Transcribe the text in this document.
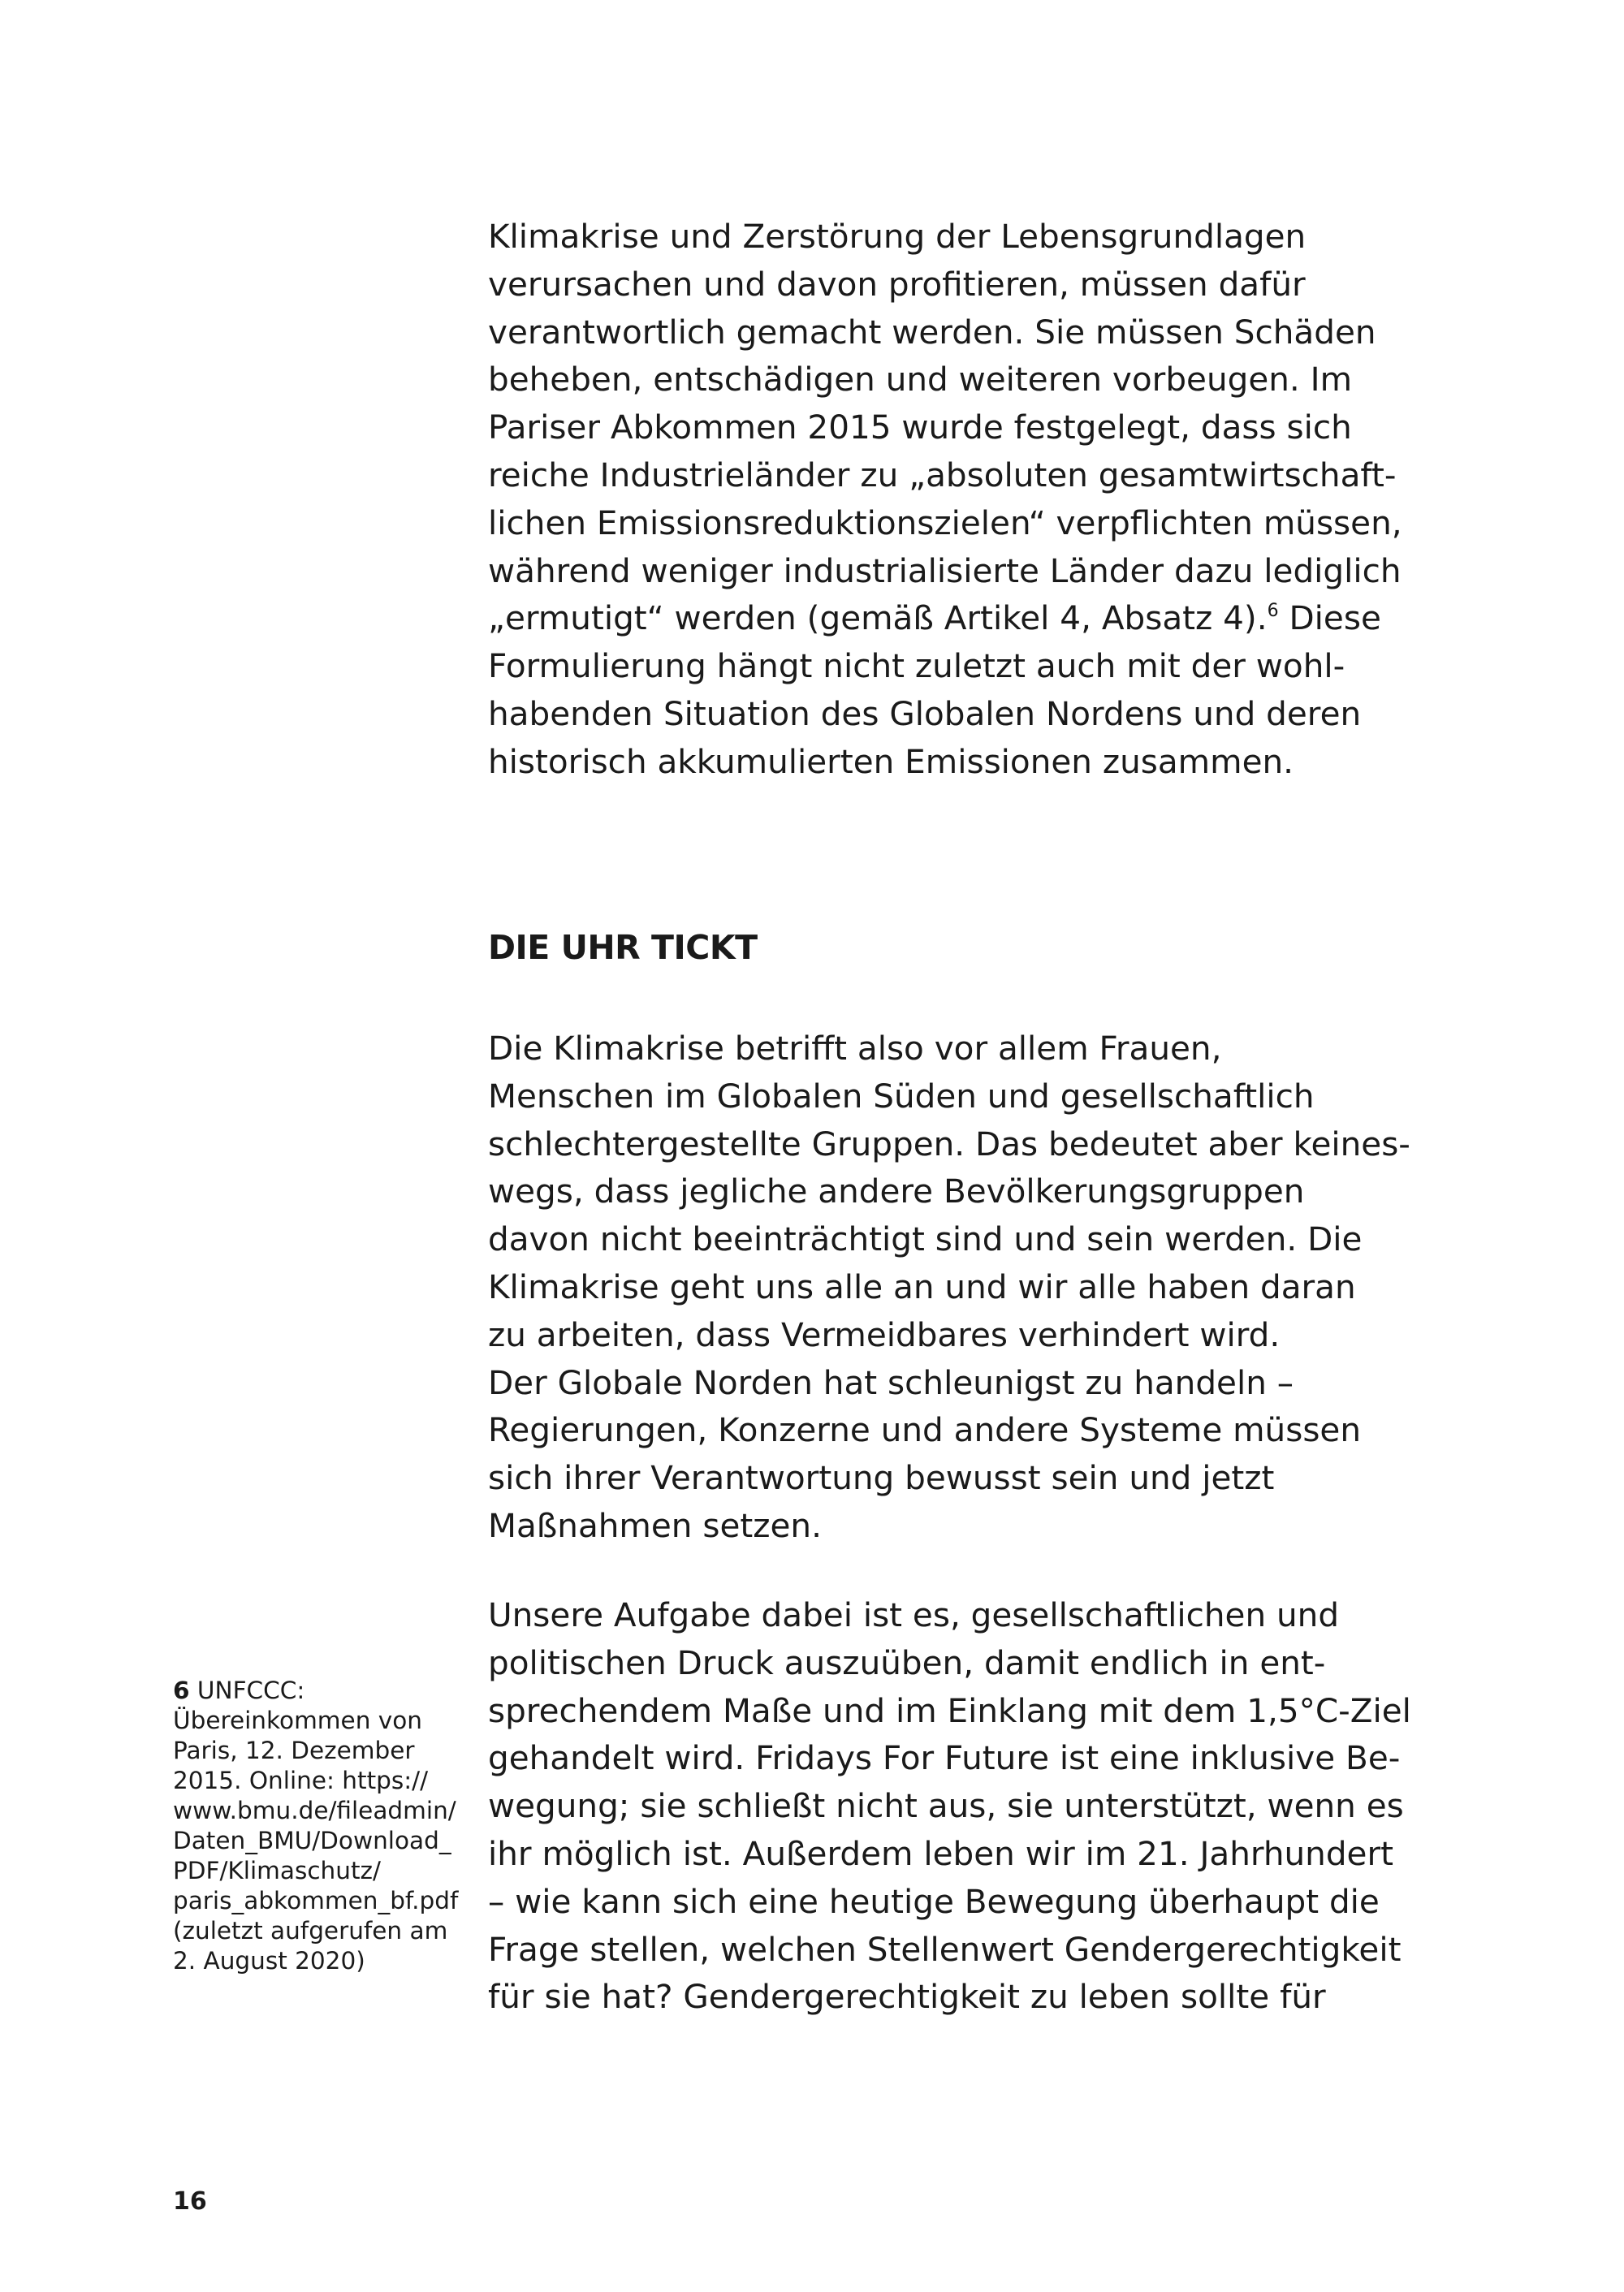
Klimakrise und Zerstörung der Lebensgrundlagen
verursachen und davon profitieren, müssen dafür
verantwortlich gemacht werden. Sie müssen Schäden
beheben, entschädigen und weiteren vorbeugen. Im
Pariser Abkommen 2015 wurde festgelegt, dass sich
reiche Industrieländer zu „absoluten gesamtwirtschaft-
lichen Emissionsreduktionszielen“ verpflichten müssen,
während weniger industrialisierte Länder dazu lediglich
„ermutigt“ werden (gemäß Artikel 4, Absatz 4).$^6$ Diese
Formulierung hängt nicht zuletzt auch mit der wohl-
habenden Situation des Globalen Nordens und deren
historisch akkumulierten Emissionen zusammen.

DIE UHR TICKT

Die Klimakrise betrifft also vor allem Frauen,
Menschen im Globalen Süden und gesellschaftlich
schlechtergestellte Gruppen. Das bedeutet aber keines-
wegs, dass jegliche andere Bevölkerungsgruppen
davon nicht beeinträchtigt sind und sein werden. Die
Klimakrise geht uns alle an und wir alle haben daran
zu arbeiten, dass Vermeidbares verhindert wird.
Der Globale Norden hat schleunigst zu handeln –
Regierungen, Konzerne und andere Systeme müssen
sich ihrer Verantwortung bewusst sein und jetzt
Maßnahmen setzen.

Unsere Aufgabe dabei ist es, gesellschaftlichen und
politischen Druck auszuüben, damit endlich in ent-
sprechendem Maße und im Einklang mit dem 1,5°C-Ziel
gehandelt wird. Fridays For Future ist eine inklusive Be-
wegung; sie schließt nicht aus, sie unterstützt, wenn es
ihr möglich ist. Außerdem leben wir im 21. Jahrhundert
– wie kann sich eine heutige Bewegung überhaupt die
Frage stellen, welchen Stellenwert Gendergerechtigkeit
für sie hat? Gendergerechtigkeit zu leben sollte für

6 UNFCCC:
Übereinkommen von
Paris, 12. Dezember
2015. Online: https://
www.bmu.de/fileadmin/
Daten_BMU/Download_
PDF/Klimaschutz/
paris_abkommen_bf.pdf
(zuletzt aufgerufen am
2. August 2020)

16
